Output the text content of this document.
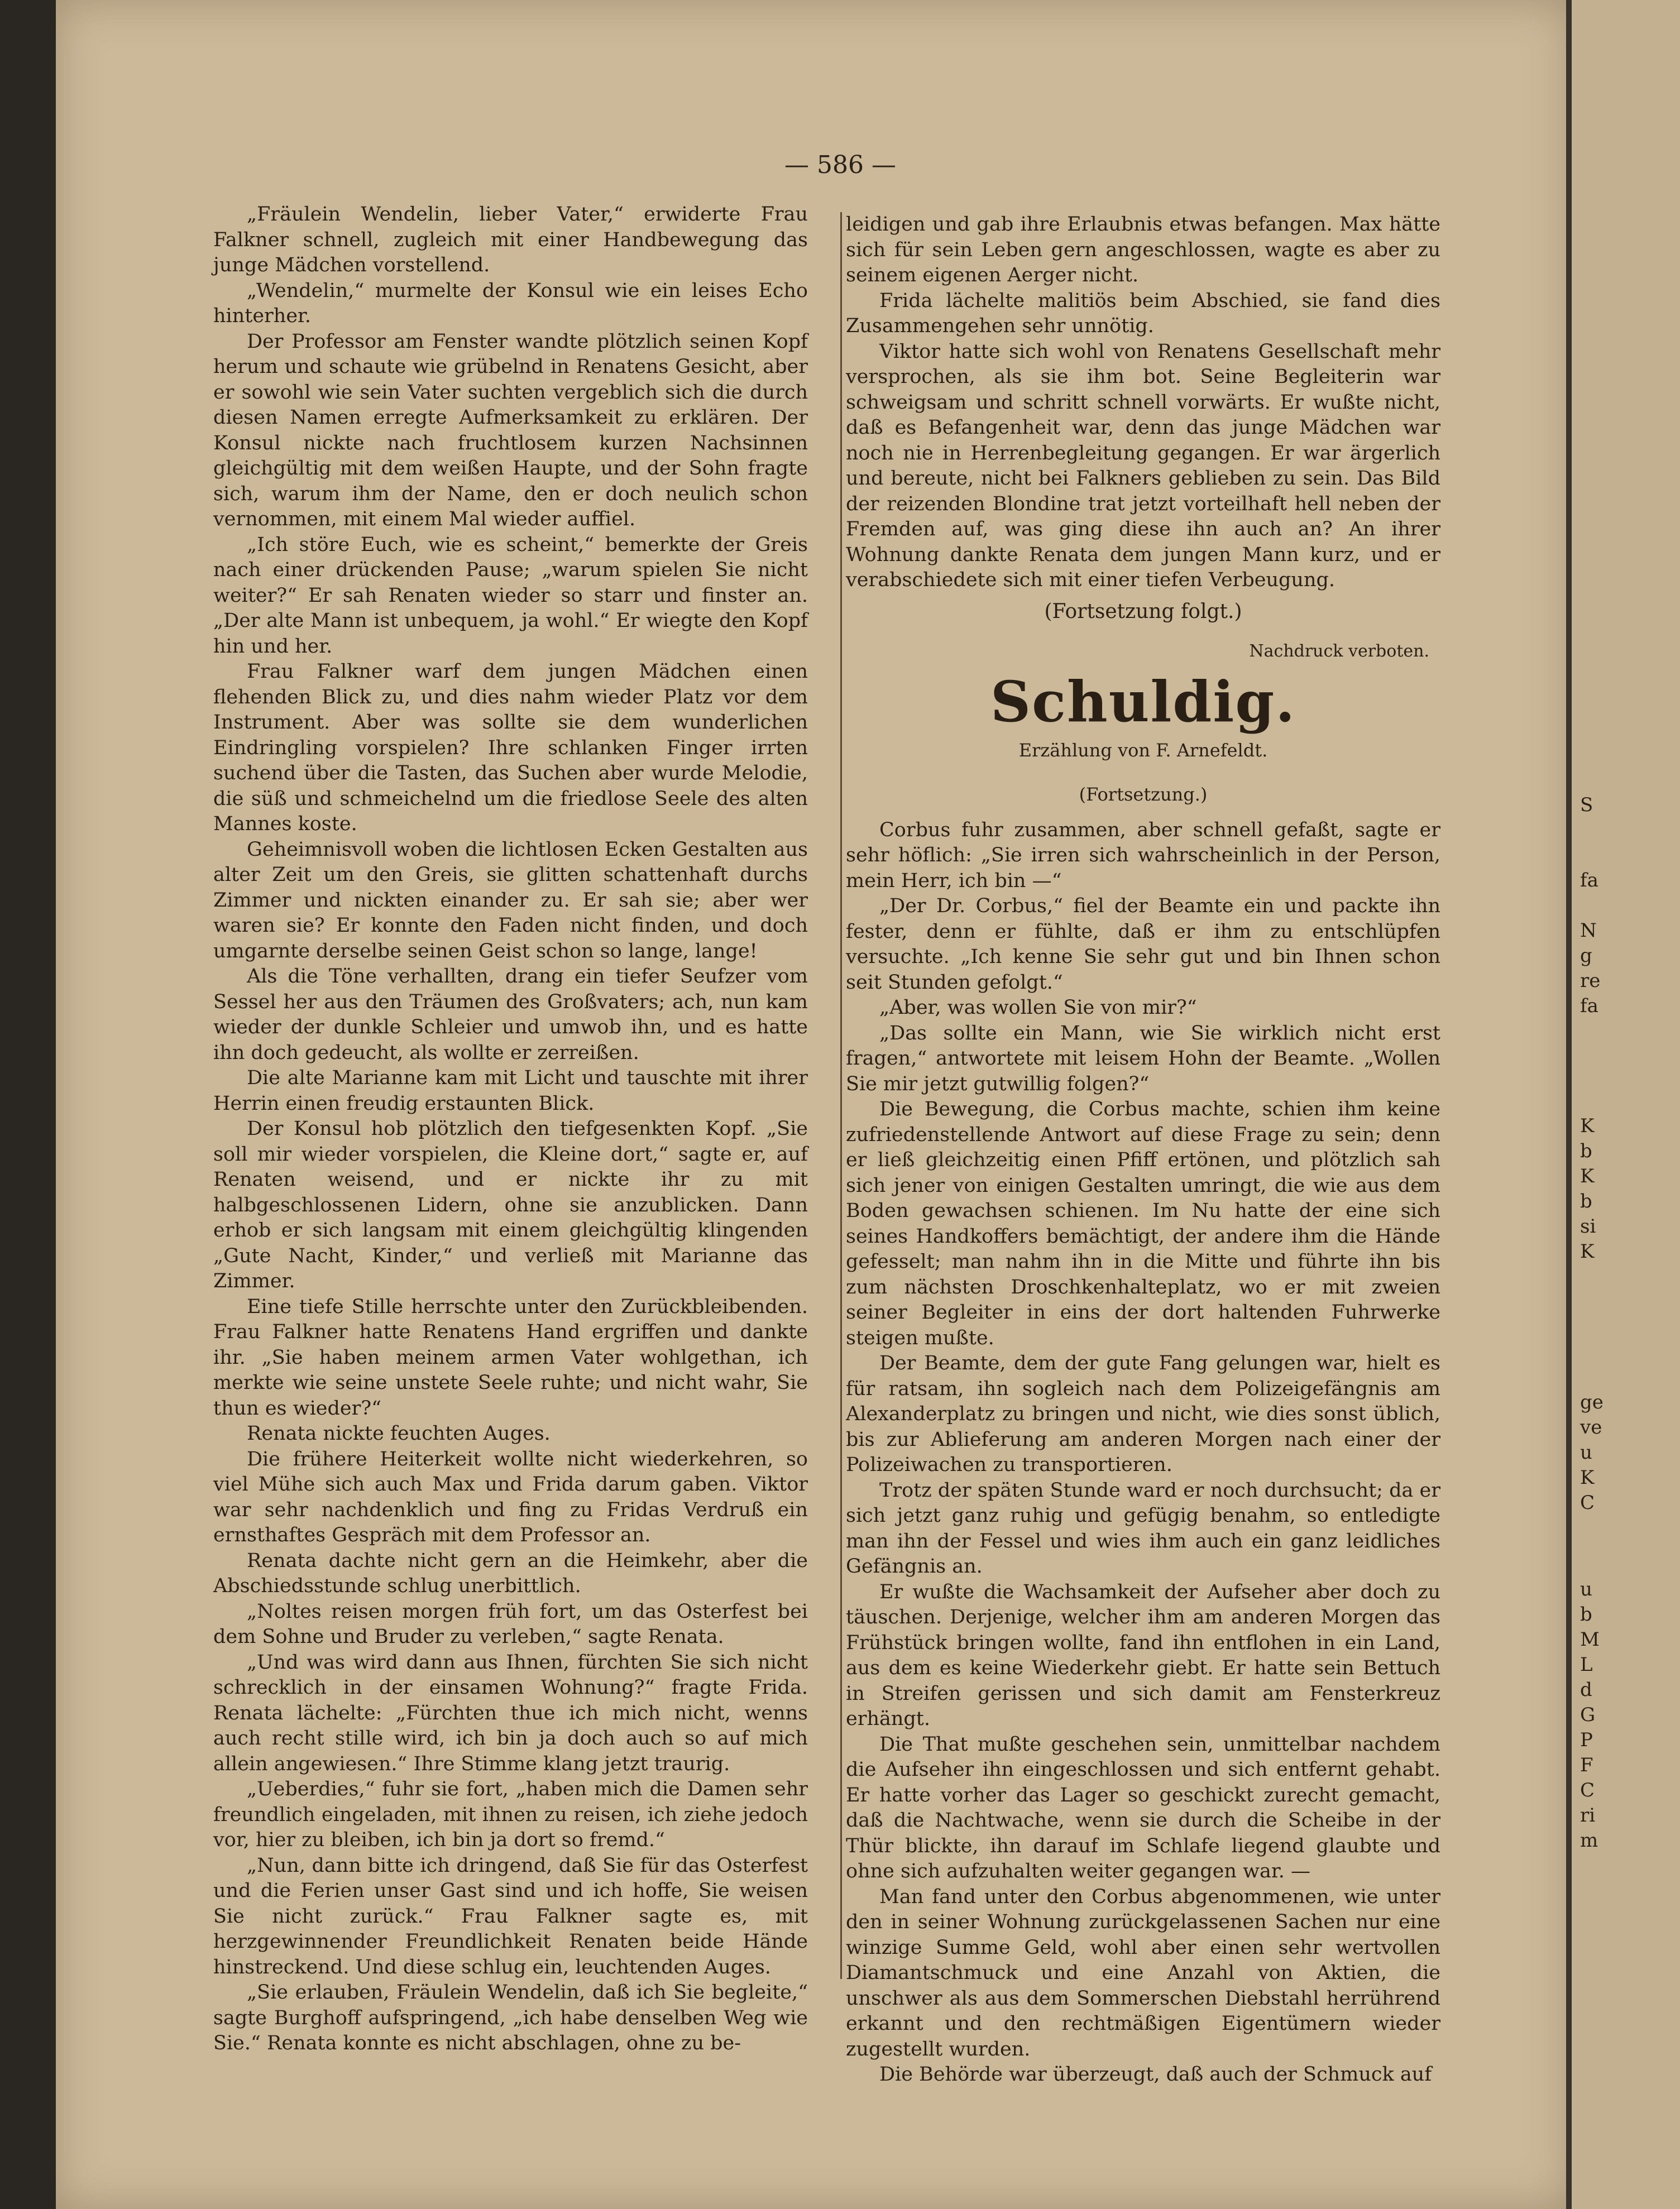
— 586 —

„Fräulein Wendelin, lieber Vater,“ erwiderte Frau Falkner schnell, zugleich mit einer Handbewegung das junge Mädchen vorstellend.

„Wendelin,“ murmelte der Konsul wie ein leises Echo hinterher.

Der Professor am Fenster wandte plötzlich seinen Kopf herum und schaute wie grübelnd in Renatens Gesicht, aber er sowohl wie sein Vater suchten vergeblich sich die durch diesen Namen erregte Aufmerksamkeit zu erklären. Der Konsul nickte nach fruchtlosem kurzen Nachsinnen gleichgültig mit dem weißen Haupte, und der Sohn fragte sich, warum ihm der Name, den er doch neulich schon vernommen, mit einem Mal wieder auffiel.

„Ich störe Euch, wie es scheint,“ bemerkte der Greis nach einer drückenden Pause; „warum spielen Sie nicht weiter?“ Er sah Renaten wieder so starr und finster an. „Der alte Mann ist unbequem, ja wohl.“ Er wiegte den Kopf hin und her.

Frau Falkner warf dem jungen Mädchen einen flehenden Blick zu, und dies nahm wieder Platz vor dem Instrument. Aber was sollte sie dem wunderlichen Eindringling vorspielen? Ihre schlanken Finger irrten suchend über die Tasten, das Suchen aber wurde Melodie, die süß und schmeichelnd um die friedlose Seele des alten Mannes koste.

Geheimnisvoll woben die lichtlosen Ecken Gestalten aus alter Zeit um den Greis, sie glitten schattenhaft durchs Zimmer und nickten einander zu. Er sah sie; aber wer waren sie? Er konnte den Faden nicht finden, und doch umgarnte derselbe seinen Geist schon so lange, lange!

Als die Töne verhallten, drang ein tiefer Seufzer vom Sessel her aus den Träumen des Großvaters; ach, nun kam wieder der dunkle Schleier und umwob ihn, und es hatte ihn doch gedeucht, als wollte er zerreißen.

Die alte Marianne kam mit Licht und tauschte mit ihrer Herrin einen freudig erstaunten Blick.

Der Konsul hob plötzlich den tiefgesenkten Kopf. „Sie soll mir wieder vorspielen, die Kleine dort,“ sagte er, auf Renaten weisend, und er nickte ihr zu mit halbgeschlossenen Lidern, ohne sie anzublicken. Dann erhob er sich langsam mit einem gleichgültig klingenden „Gute Nacht, Kinder,“ und verließ mit Marianne das Zimmer.

Eine tiefe Stille herrschte unter den Zurückbleibenden. Frau Falkner hatte Renatens Hand ergriffen und dankte ihr. „Sie haben meinem armen Vater wohlgethan, ich merkte wie seine unstete Seele ruhte; und nicht wahr, Sie thun es wieder?“

Renata nickte feuchten Auges.

Die frühere Heiterkeit wollte nicht wiederkehren, so viel Mühe sich auch Max und Frida darum gaben. Viktor war sehr nachdenklich und fing zu Fridas Verdruß ein ernsthaftes Gespräch mit dem Professor an.

Renata dachte nicht gern an die Heimkehr, aber die Abschiedsstunde schlug unerbittlich.

„Noltes reisen morgen früh fort, um das Osterfest bei dem Sohne und Bruder zu verleben,“ sagte Renata.

„Und was wird dann aus Ihnen, fürchten Sie sich nicht schrecklich in der einsamen Wohnung?“ fragte Frida. Renata lächelte: „Fürchten thue ich mich nicht, wenns auch recht stille wird, ich bin ja doch auch so auf mich allein angewiesen.“ Ihre Stimme klang jetzt traurig.

„Ueberdies,“ fuhr sie fort, „haben mich die Damen sehr freundlich eingeladen, mit ihnen zu reisen, ich ziehe jedoch vor, hier zu bleiben, ich bin ja dort so fremd.“

„Nun, dann bitte ich dringend, daß Sie für das Osterfest und die Ferien unser Gast sind und ich hoffe, Sie weisen Sie nicht zurück.“ Frau Falkner sagte es, mit herzgewinnender Freundlichkeit Renaten beide Hände hinstreckend. Und diese schlug ein, leuchtenden Auges.

„Sie erlauben, Fräulein Wendelin, daß ich Sie begleite,“ sagte Burghoff aufspringend, „ich habe denselben Weg wie Sie.“ Renata konnte es nicht abschlagen, ohne zu be-

leidigen und gab ihre Erlaubnis etwas befangen. Max hätte sich für sein Leben gern angeschlossen, wagte es aber zu seinem eigenen Aerger nicht.

Frida lächelte malitiös beim Abschied, sie fand dies Zusammengehen sehr unnötig.

Viktor hatte sich wohl von Renatens Gesellschaft mehr versprochen, als sie ihm bot. Seine Begleiterin war schweigsam und schritt schnell vorwärts. Er wußte nicht, daß es Befangenheit war, denn das junge Mädchen war noch nie in Herrenbegleitung gegangen. Er war ärgerlich und bereute, nicht bei Falkners geblieben zu sein. Das Bild der reizenden Blondine trat jetzt vorteilhaft hell neben der Fremden auf, was ging diese ihn auch an? An ihrer Wohnung dankte Renata dem jungen Mann kurz, und er verabschiedete sich mit einer tiefen Verbeugung.

(Fortsetzung folgt.)
Nachdruck verboten.
Schuldig.
Erzählung von F. Arnefeldt.
(Fortsetzung.)

Corbus fuhr zusammen, aber schnell gefaßt, sagte er sehr höflich: „Sie irren sich wahrscheinlich in der Person, mein Herr, ich bin —“

„Der Dr. Corbus,“ fiel der Beamte ein und packte ihn fester, denn er fühlte, daß er ihm zu entschlüpfen versuchte. „Ich kenne Sie sehr gut und bin Ihnen schon seit Stunden gefolgt.“

„Aber, was wollen Sie von mir?“

„Das sollte ein Mann, wie Sie wirklich nicht erst fragen,“ antwortete mit leisem Hohn der Beamte. „Wollen Sie mir jetzt gutwillig folgen?“

Die Bewegung, die Corbus machte, schien ihm keine zufriedenstellende Antwort auf diese Frage zu sein; denn er ließ gleichzeitig einen Pfiff ertönen, und plötzlich sah sich jener von einigen Gestalten umringt, die wie aus dem Boden gewachsen schienen. Im Nu hatte der eine sich seines Handkoffers bemächtigt, der andere ihm die Hände gefesselt; man nahm ihn in die Mitte und führte ihn bis zum nächsten Droschkenhalteplatz, wo er mit zweien seiner Begleiter in eins der dort haltenden Fuhrwerke steigen mußte.

Der Beamte, dem der gute Fang gelungen war, hielt es für ratsam, ihn sogleich nach dem Polizeigefängnis am Alexanderplatz zu bringen und nicht, wie dies sonst üblich, bis zur Ablieferung am anderen Morgen nach einer der Polizeiwachen zu transportieren.

Trotz der späten Stunde ward er noch durchsucht; da er sich jetzt ganz ruhig und gefügig benahm, so entledigte man ihn der Fessel und wies ihm auch ein ganz leidliches Gefängnis an.

Er wußte die Wachsamkeit der Aufseher aber doch zu täuschen. Derjenige, welcher ihm am anderen Morgen das Frühstück bringen wollte, fand ihn entflohen in ein Land, aus dem es keine Wiederkehr giebt. Er hatte sein Bettuch in Streifen gerissen und sich damit am Fensterkreuz erhängt.

Die That mußte geschehen sein, unmittelbar nachdem die Aufseher ihn eingeschlossen und sich entfernt gehabt. Er hatte vorher das Lager so geschickt zurecht gemacht, daß die Nachtwache, wenn sie durch die Scheibe in der Thür blickte, ihn darauf im Schlafe liegend glaubte und ohne sich aufzuhalten weiter gegangen war. —

Man fand unter den Corbus abgenommenen, wie unter den in seiner Wohnung zurückgelassenen Sachen nur eine winzige Summe Geld, wohl aber einen sehr wertvollen Diamantschmuck und eine Anzahl von Aktien, die unschwer als aus dem Sommerschen Diebstahl herrührend erkannt und den rechtmäßigen Eigentümern wieder zugestellt wurden.

Die Behörde war überzeugt, daß auch der Schmuck auf

S
fa
N
g
re
fa
K
b
K
b
si
K
ge
ve
u
K
C
u
b
M
L
d
G
P
F
C
ri
m
